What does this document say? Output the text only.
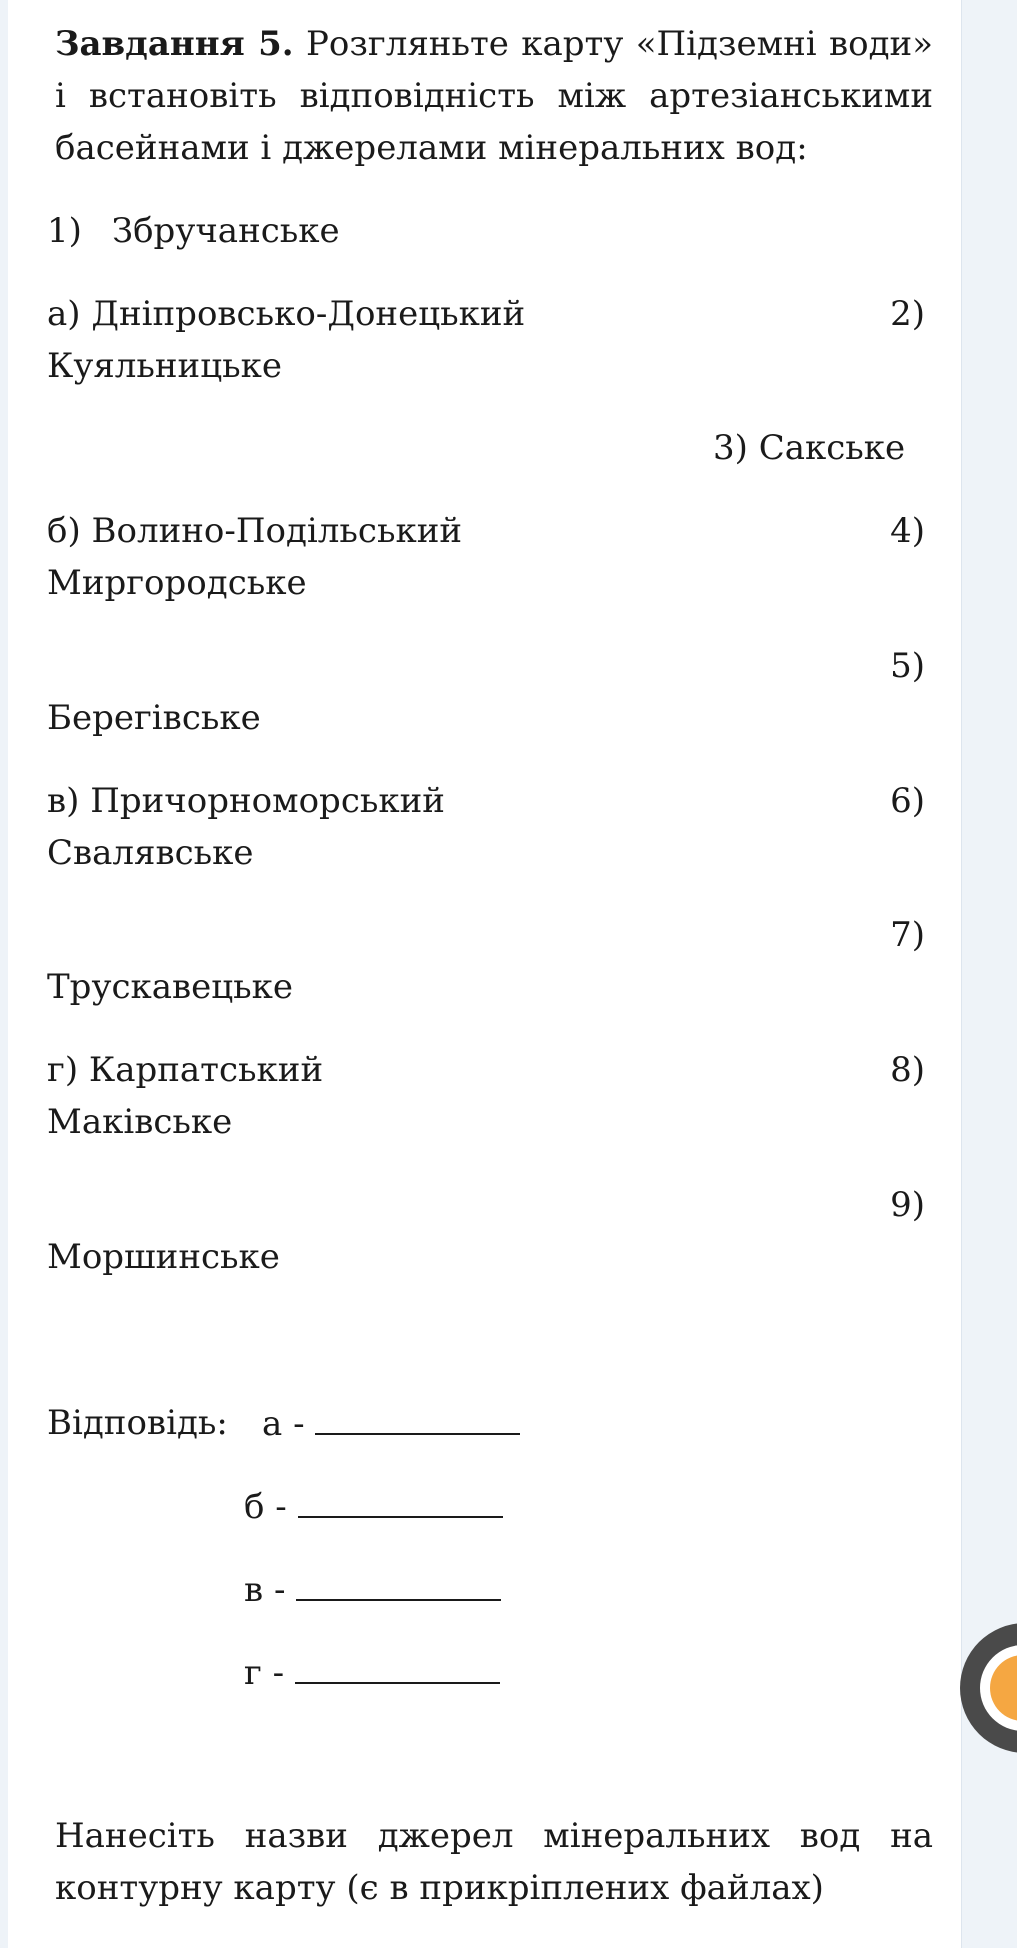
Завдання 5. Розгляньте карту «Підземні води» і встановіть відповідність між артезіанськими басейнами і джерелами мінеральних вод:
1) Збручанське
а) Дніпровсько-Донецький	2)
Куяльницьке
3) Сакське
б) Волино-Подільський	4)
Миргородське
5)
Берегівське
в) Причорноморський	6)
Свалявське
7)
Трускавецьке
г) Карпатський	8)
Маківське
9)
Моршинське
Відповідь: а -
б -
в -
г -
Нанесіть назви джерел мінеральних вод на контурну карту (є в прикріплених файлах)
